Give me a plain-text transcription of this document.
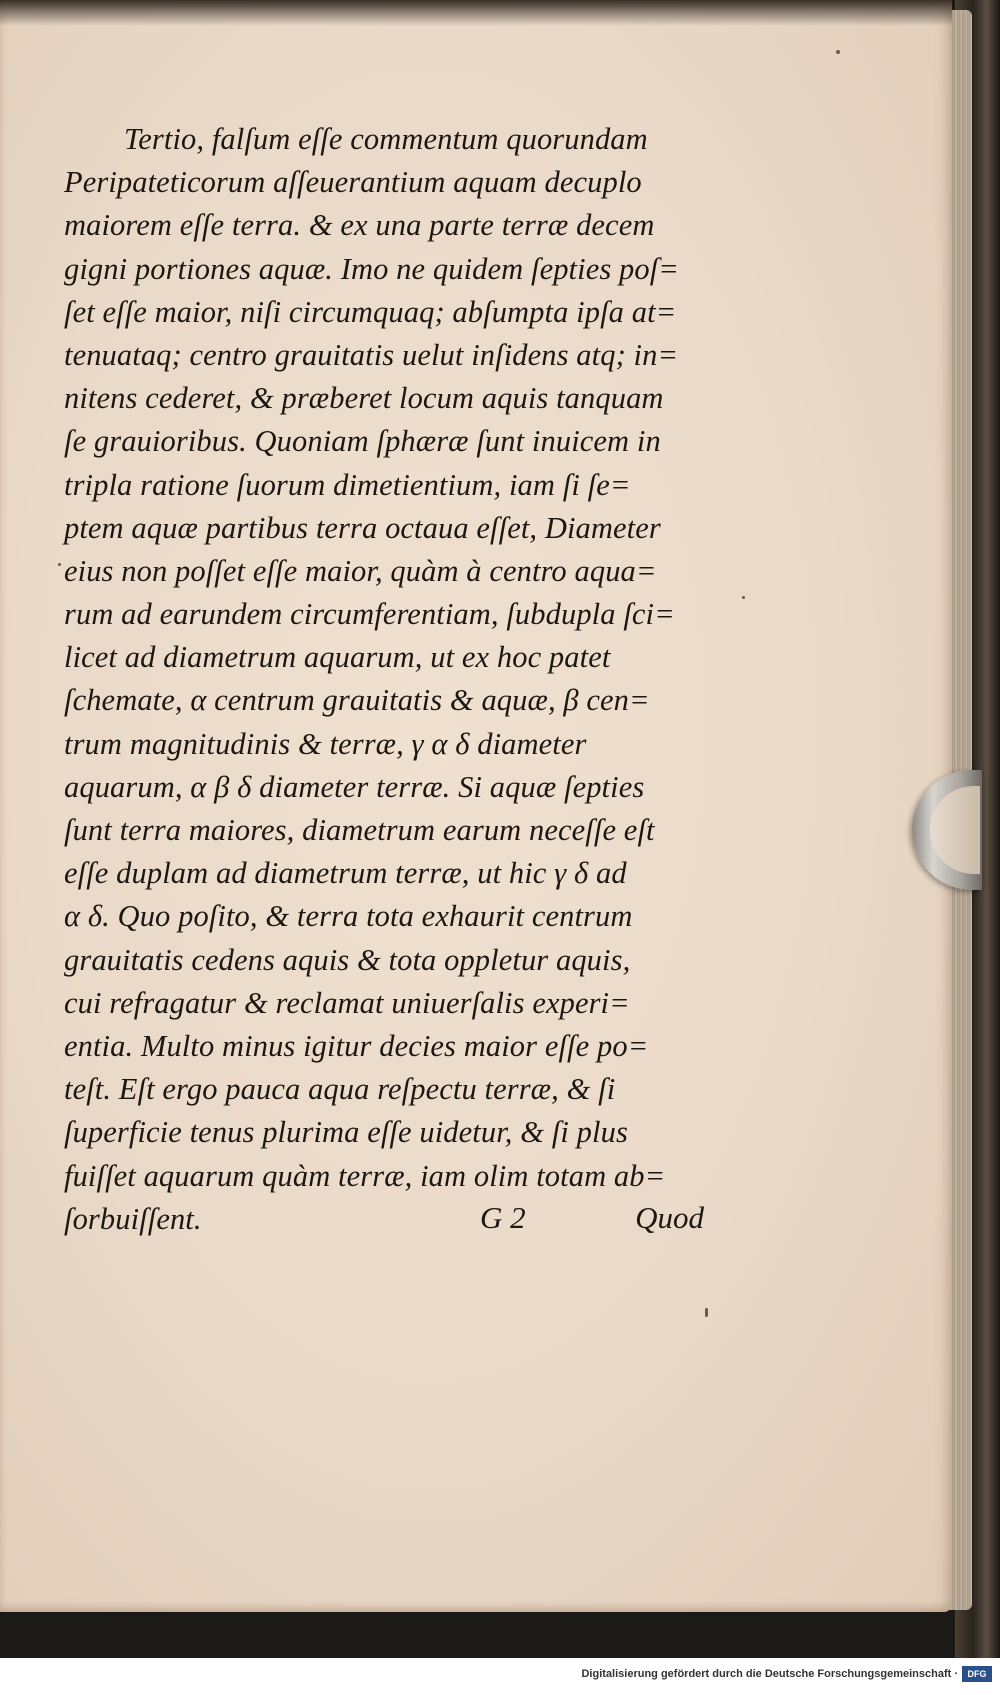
Tertio, falſum eſſe commentum quorundam
Peripateticorum aſſeuerantium aquam decuplo
maiorem eſſe terra. & ex una parte terræ decem
gigni portiones aquæ. Imo ne quidem ſepties poſ=
ſet eſſe maior, niſi circumquaq; abſumpta ipſa at=
tenuataq; centro grauitatis uelut inſidens atq; in=
nitens cederet, & præberet locum aquis tanquam
ſe grauioribus. Quoniam ſphæræ ſunt inuicem in
tripla ratione ſuorum dimetientium, iam ſi ſe=
ptem aquæ partibus terra octaua eſſet, Diameter
eius non poſſet eſſe maior, quàm à centro aqua=
rum ad earundem circumferentiam, ſubdupla ſci=
licet ad diametrum aquarum, ut ex hoc patet
ſchemate, α centrum grauitatis & aquæ, β cen=
trum magnitudinis & terræ, γ α δ diameter
aquarum, α β δ diameter terræ. Si aquæ ſepties
ſunt terra maiores, diametrum earum neceſſe eſt
eſſe duplam ad diametrum terræ, ut hic γ δ ad
α δ. Quo poſito, & terra tota exhaurit centrum
grauitatis cedens aquis & tota oppletur aquis,
cui refragatur & reclamat uniuerſalis experi=
entia. Multo minus igitur decies maior eſſe po=
teſt. Eſt ergo pauca aqua reſpectu terræ, & ſi
ſuperficie tenus plurima eſſe uidetur, & ſi plus
fuiſſet aquarum quàm terræ, iam olim totam ab=
ſorbuiſſent.	G 2	Quod
Digitalisierung gefördert durch die Deutsche Forschungsgemeinschaft ·	DFG
